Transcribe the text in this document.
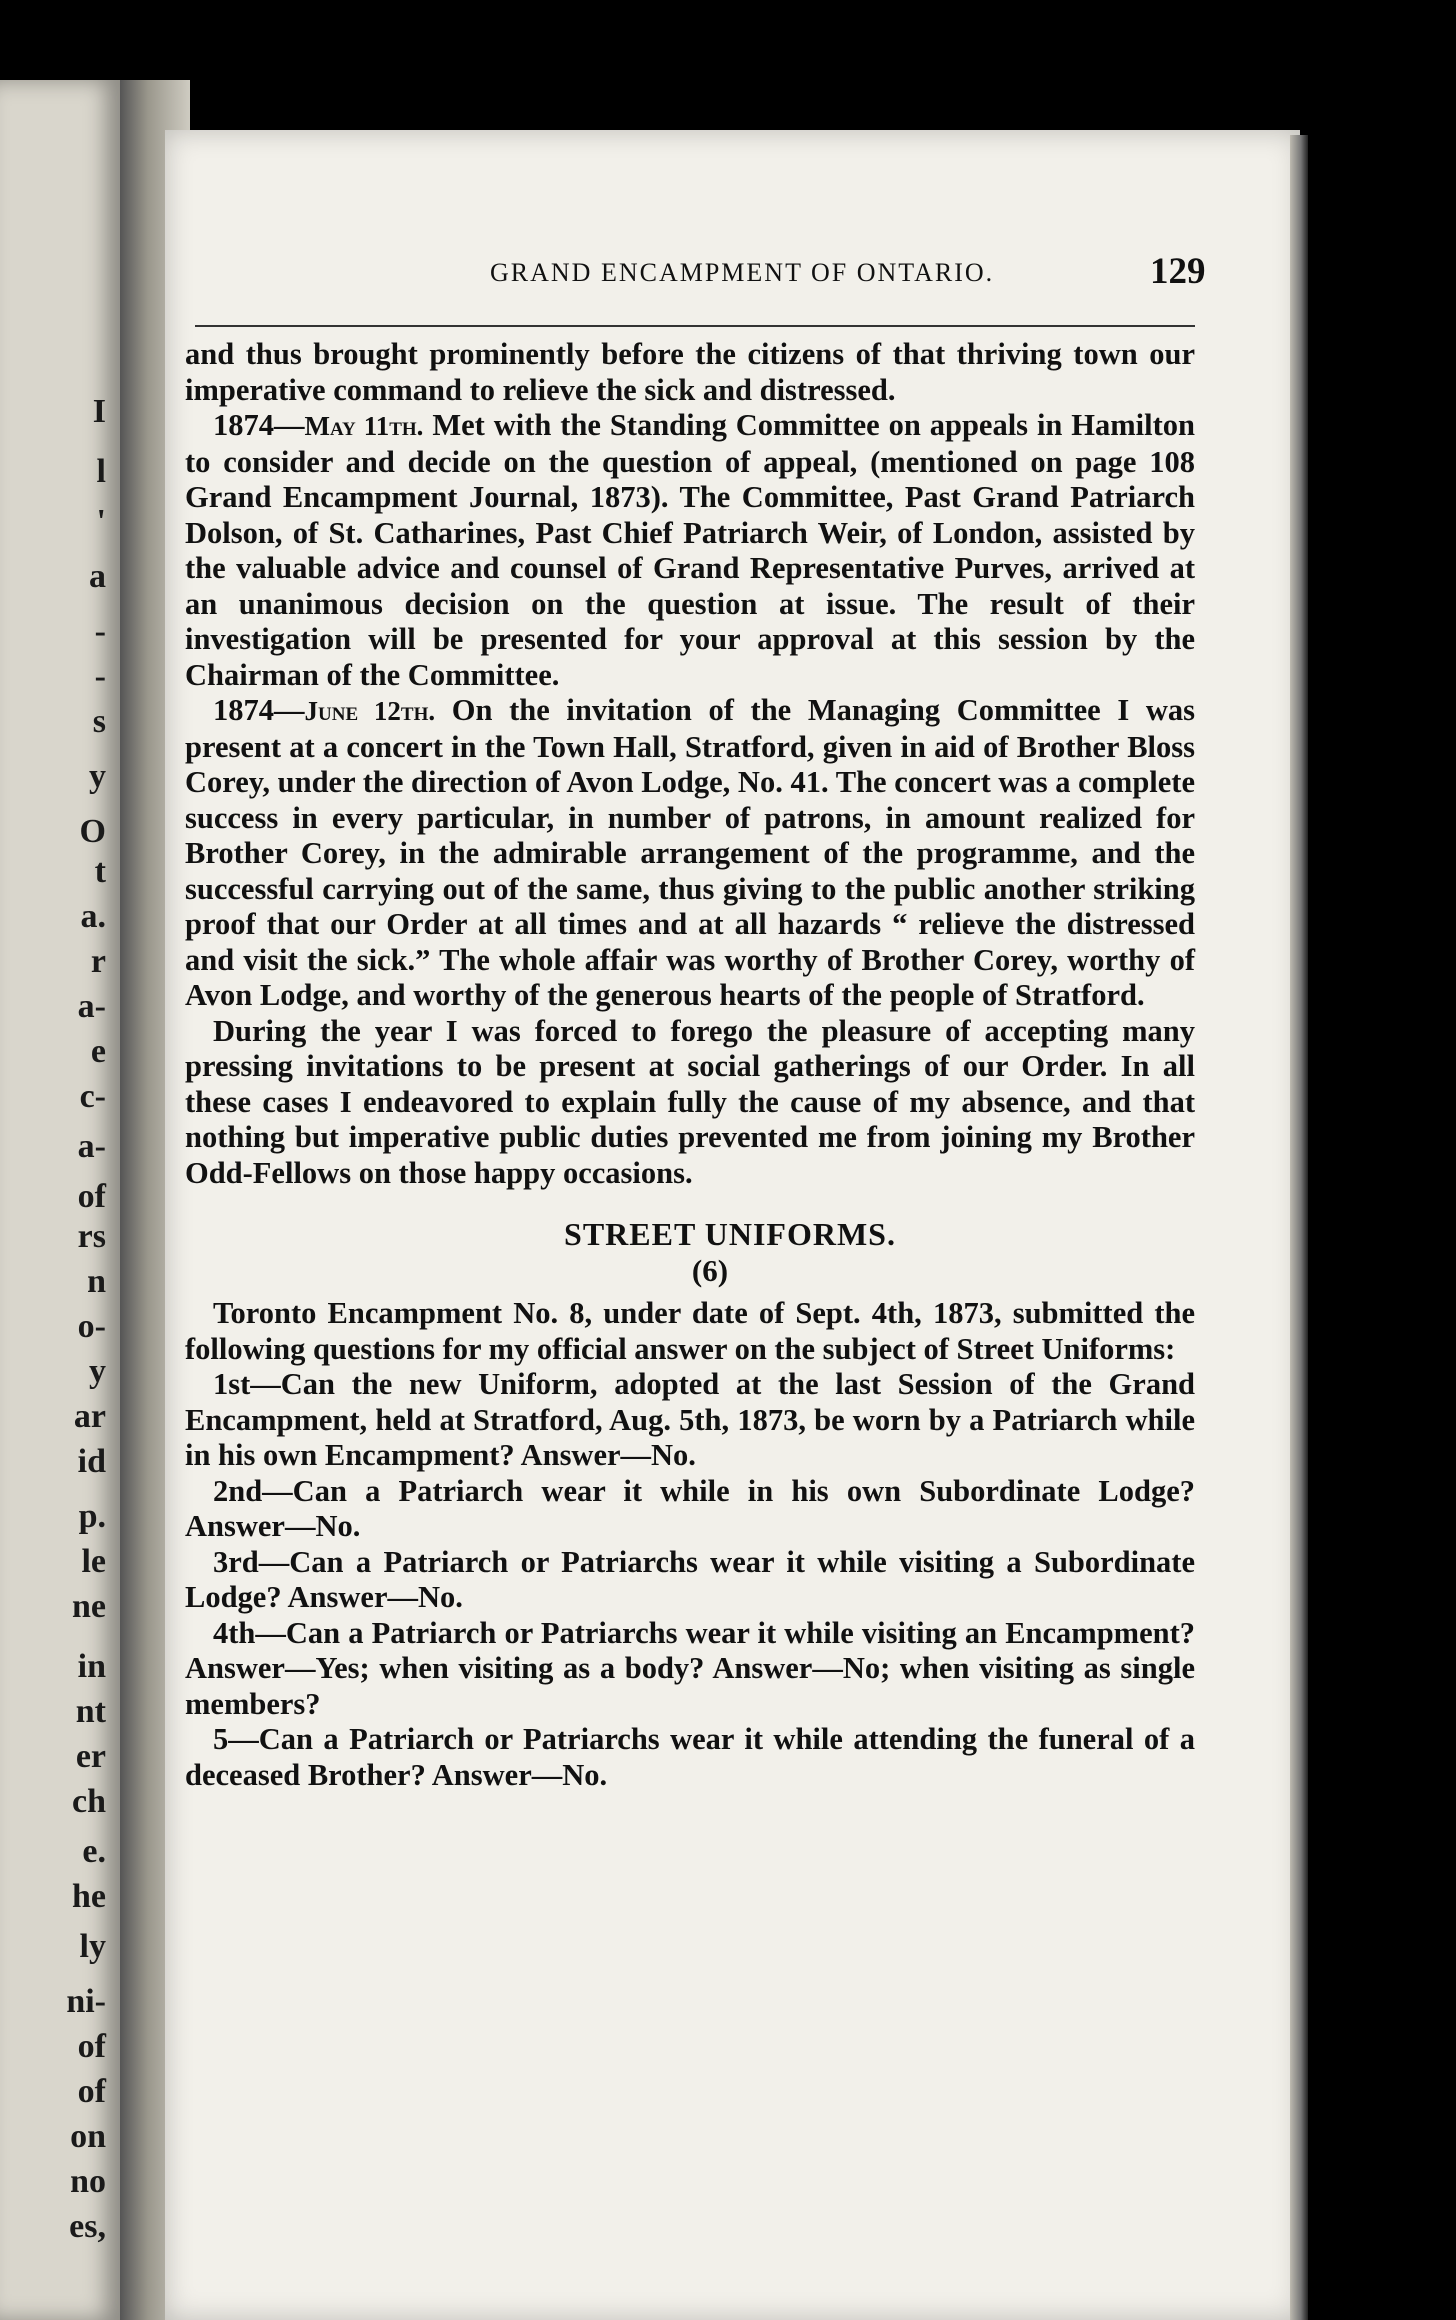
I
l
'
a
-
-
s
y
O
t
a.
r
a-
e
c-
a-
of
rs
n
o-
y
ar
id
p.
le
ne
in
nt
er
ch
e.
he
ly
ni-
of
of
on
no
es,
GRAND ENCAMPMENT OF ONTARIO.	129

and thus brought prominently before the citizens of that thriving town our imperative command to relieve the sick and distressed.

1874—May 11th. Met with the Standing Committee on appeals in Hamilton to consider and decide on the question of appeal, (mentioned on page 108 Grand Encampment Journal, 1873). The Committee, Past Grand Patriarch Dolson, of St. Catharines, Past Chief Patriarch Weir, of London, assisted by the valuable advice and counsel of Grand Representative Purves, arrived at an unanimous decision on the question at issue. The result of their investigation will be presented for your approval at this session by the Chairman of the Committee.

1874—June 12th. On the invitation of the Managing Committee I was present at a concert in the Town Hall, Stratford, given in aid of Brother Bloss Corey, under the direction of Avon Lodge, No. 41. The concert was a complete success in every particular, in number of patrons, in amount realized for Brother Corey, in the admirable arrangement of the programme, and the successful carrying out of the same, thus giving to the public another striking proof that our Order at all times and at all hazards “ relieve the distressed and visit the sick.” The whole affair was worthy of Brother Corey, worthy of Avon Lodge, and worthy of the generous hearts of the people of Stratford.

During the year I was forced to forego the pleasure of accepting many pressing invitations to be present at social gatherings of our Order. In all these cases I endeavored to explain fully the cause of my absence, and that nothing but imperative public duties prevented me from joining my Brother Odd-Fellows on those happy occasions.

STREET UNIFORMS.

(6)

Toronto Encampment No. 8, under date of Sept. 4th, 1873, submitted the following questions for my official answer on the subject of Street Uniforms:

1st—Can the new Uniform, adopted at the last Session of the Grand Encampment, held at Stratford, Aug. 5th, 1873, be worn by a Patriarch while in his own Encampment? Answer—No.

2nd—Can a Patriarch wear it while in his own Subordinate Lodge? Answer—No.

3rd—Can a Patriarch or Patriarchs wear it while visiting a Subordinate Lodge? Answer—No.

4th—Can a Patriarch or Patriarchs wear it while visiting an Encampment? Answer—Yes; when visiting as a body? Answer—No; when visiting as single members?

5—Can a Patriarch or Patriarchs wear it while attending the funeral of a deceased Brother? Answer—No.
